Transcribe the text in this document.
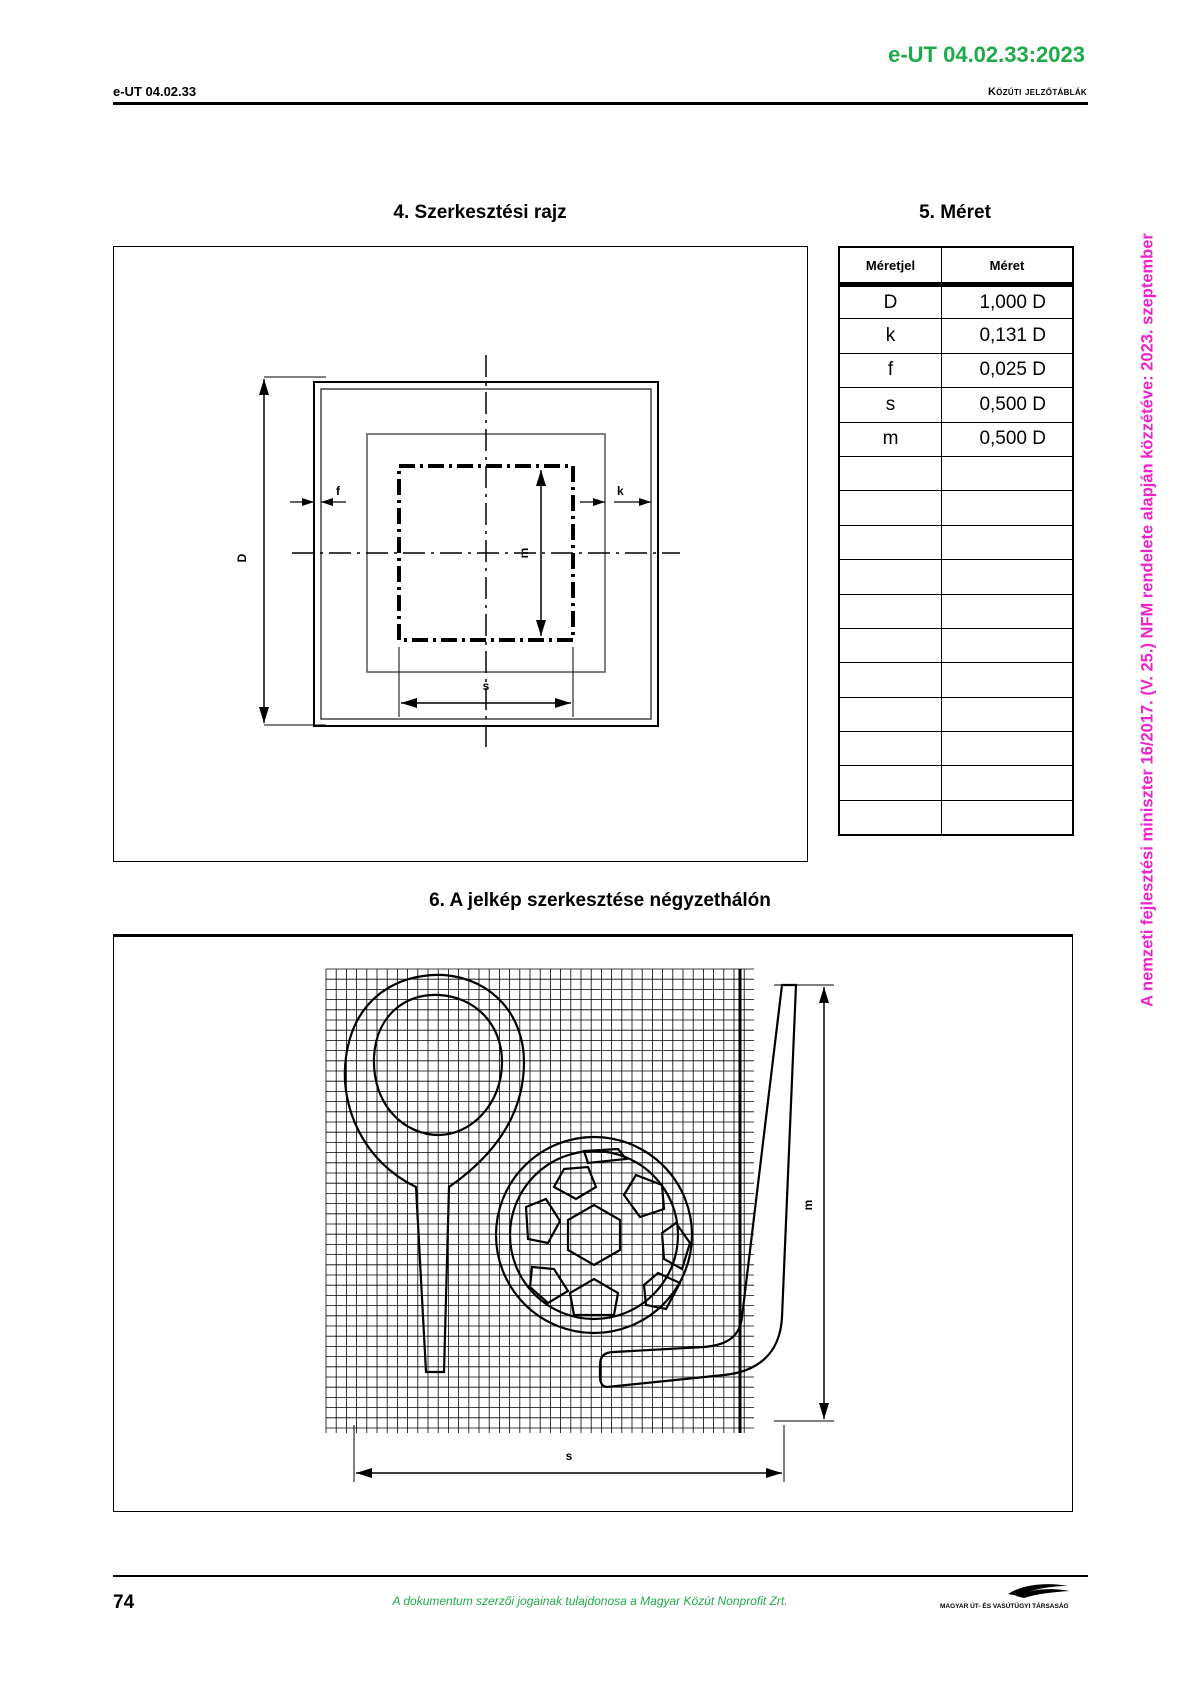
e-UT 04.02.33:2023
e-UT 04.02.33	Közúti jelzőtáblák
4. Szerkesztési rajz	5. Méret
D
f	k
m
s
Méretjel	Méret
D	1,000 D
k	0,131 D
f	0,025 D
s	0,500 D
m	0,500 D

6. A jelkép szerkesztése négyzethálón
m
s
74	A dokumentum szerzői jogainak tulajdonosa a Magyar Közút Nonprofit Zrt.	MAGYAR ÚT- ÉS VASÚTÜGYI TÁRSASÁG
A nemzeti fejlesztési miniszter 16/2017. (V. 25.) NFM rendelete alapján közzétéve: 2023. szeptember
